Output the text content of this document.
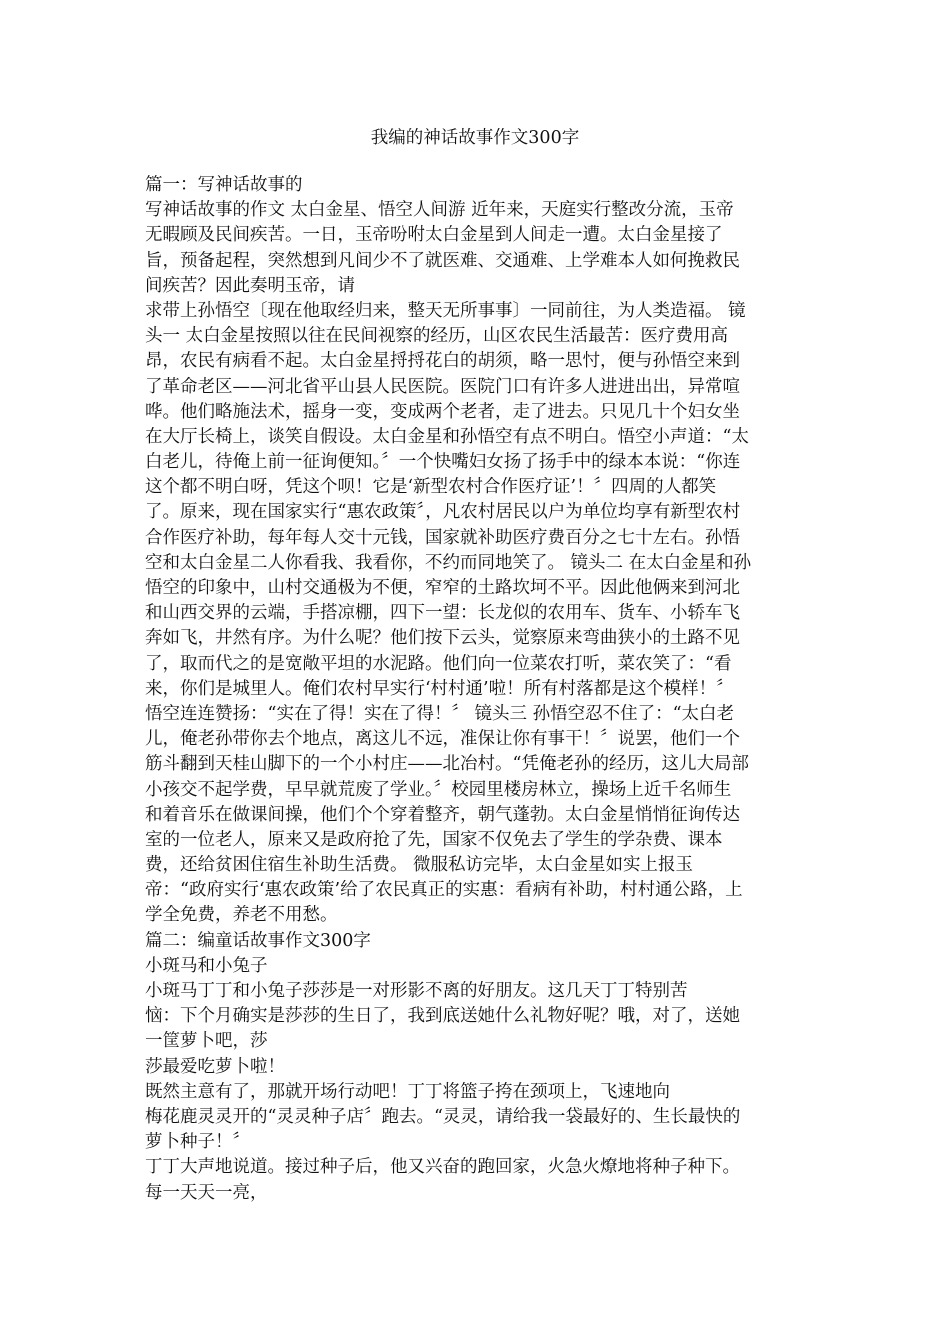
我编的神话故事作文300字
篇一：写神话故事的
写神话故事的作文 太白金星、悟空人间游 近年来，天庭实行整改分流，玉帝
无暇顾及民间疾苦。一日，玉帝吩咐太白金星到人间走一遭。太白金星接了
旨，预备起程，突然想到凡间少不了就医难、交通难、上学难本人如何挽救民
间疾苦？因此奏明玉帝，请
求带上孙悟空〔现在他取经归来，整天无所事事〕一同前往，为人类造福。 镜
头一 太白金星按照以往在民间视察的经历，山区农民生活最苦：医疗费用高
昂，农民有病看不起。太白金星捋捋花白的胡须，略一思忖，便与孙悟空来到
了革命老区——河北省平山县人民医院。医院门口有许多人进进出出，异常喧
哗。他们略施法术，摇身一变，变成两个老者，走了进去。只见几十个妇女坐
在大厅长椅上，谈笑自假设。太白金星和孙悟空有点不明白。悟空小声道：“太
白老儿，待俺上前一征询便知。〞一个快嘴妇女扬了扬手中的绿本本说：“你连
这个都不明白呀，凭这个呗！它是‘新型农村合作医疗证’！〞四周的人都笑
了。原来，现在国家实行“惠农政策〞，凡农村居民以户为单位均享有新型农村
合作医疗补助，每年每人交十元钱，国家就补助医疗费百分之七十左右。孙悟
空和太白金星二人你看我、我看你，不约而同地笑了。 镜头二 在太白金星和孙
悟空的印象中，山村交通极为不便，窄窄的土路坎坷不平。因此他俩来到河北
和山西交界的云端，手搭凉棚，四下一望：长龙似的农用车、货车、小轿车飞
奔如飞，井然有序。为什么呢？他们按下云头，觉察原来弯曲狭小的土路不见
了，取而代之的是宽敞平坦的水泥路。他们向一位菜农打听，菜农笑了：“看
来，你们是城里人。俺们农村早实行‘村村通’啦！所有村落都是这个模样！〞
悟空连连赞扬：“实在了得！实在了得！〞 镜头三 孙悟空忍不住了：“太白老
儿，俺老孙带你去个地点，离这儿不远，准保让你有事干！〞说罢，他们一个
筋斗翻到天桂山脚下的一个小村庄——北冶村。“凭俺老孙的经历，这儿大局部
小孩交不起学费，早早就荒废了学业。〞校园里楼房林立，操场上近千名师生
和着音乐在做课间操，他们个个穿着整齐，朝气蓬勃。太白金星悄悄征询传达
室的一位老人，原来又是政府抢了先，国家不仅免去了学生的学杂费、课本
费，还给贫困住宿生补助生活费。 微服私访完毕，太白金星如实上报玉
帝：“政府实行‘惠农政策’给了农民真正的实惠：看病有补助，村村通公路，上
学全免费，养老不用愁。
篇二：编童话故事作文300字
小斑马和小兔子
小斑马丁丁和小兔子莎莎是一对形影不离的好朋友。这几天丁丁特别苦
恼：下个月确实是莎莎的生日了，我到底送她什么礼物好呢？哦，对了，送她
一筐萝卜吧，莎
莎最爱吃萝卜啦！
既然主意有了，那就开场行动吧！丁丁将篮子挎在颈项上，飞速地向
梅花鹿灵灵开的“灵灵种子店〞跑去。“灵灵，请给我一袋最好的、生长最快的
萝卜种子！〞
丁丁大声地说道。接过种子后，他又兴奋的跑回家，火急火燎地将种子种下。
每一天天一亮，
